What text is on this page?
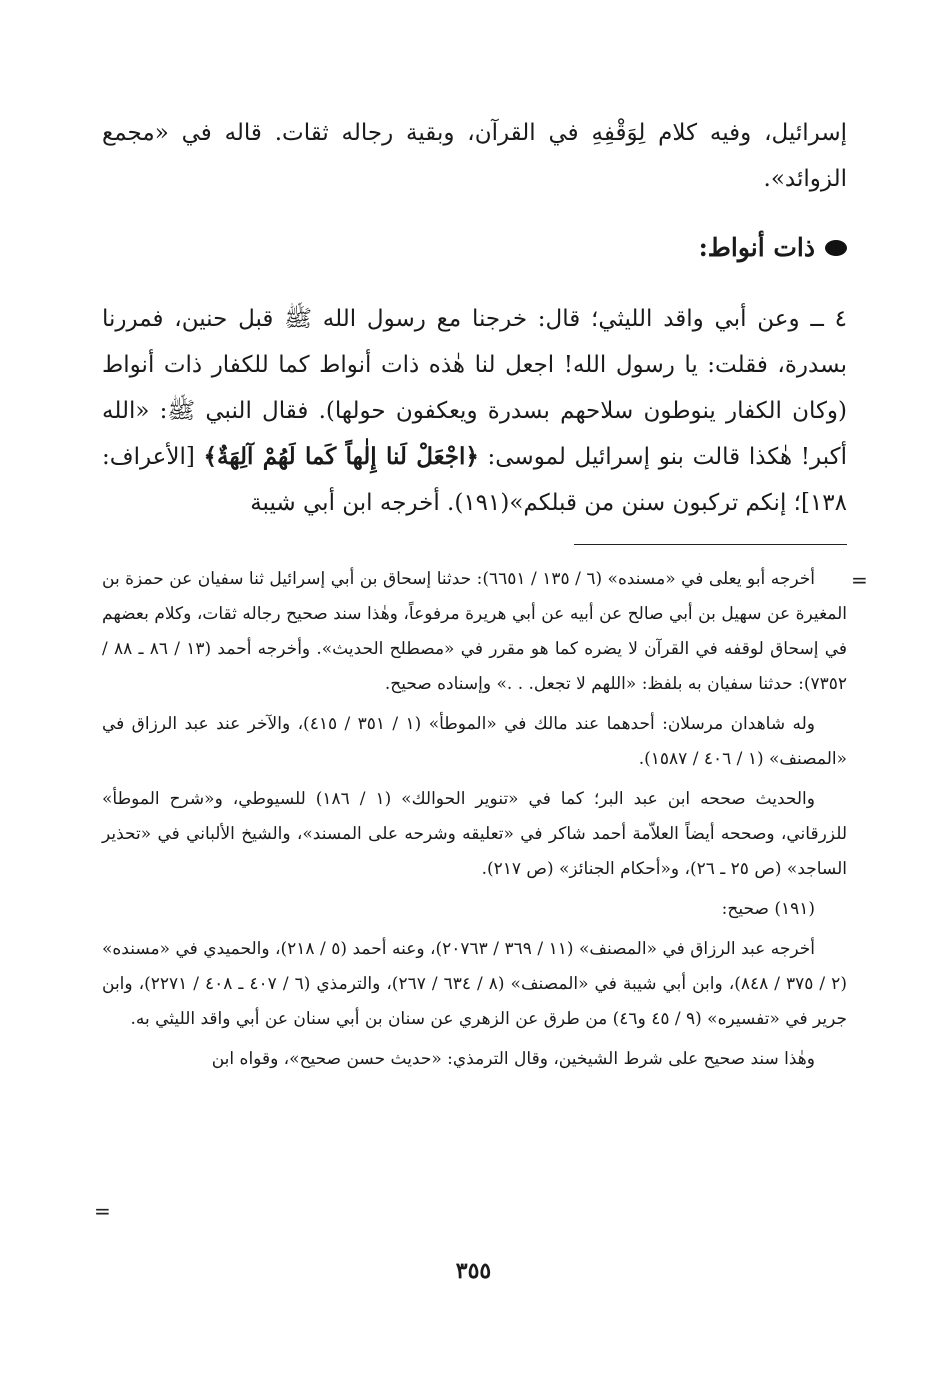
إسرائيل، وفيه كلام لِوَقْفِهِ في القرآن، وبقية رجاله ثقات. قاله في «مجمع الزوائد».

ذات أنواط:

٤ ــ وعن أبي واقد الليثي؛ قال: خرجنا مع رسول الله ﷺ قبل حنين، فمررنا بسدرة، فقلت: يا رسول الله! اجعل لنا هٰذه ذات أنواط كما للكفار ذات أنواط (وكان الكفار ينوطون سلاحهم بسدرة ويعكفون حولها). فقال النبي ﷺ: «الله أكبر! هٰكذا قالت بنو إسرائيل لموسى: ﴿اجْعَلْ لَنا إِلٰهاً كَما لَهُمْ آلِهَةٌ﴾ [الأعراف: ١٣٨]؛ إنكم تركبون سنن من قبلكم»(١٩١). أخرجه ابن أبي شيبة

=

أخرجه أبو يعلى في «مسنده» (٦ / ١٣٥ / ٦٦٥١): حدثنا إسحاق بن أبي إسرائيل ثنا سفيان عن حمزة بن المغيرة عن سهيل بن أبي صالح عن أبيه عن أبي هريرة مرفوعاً، وهٰذا سند صحيح رجاله ثقات، وكلام بعضهم في إسحاق لوقفه في القرآن لا يضره كما هو مقرر في «مصطلح الحديث». وأخرجه أحمد (١٣ / ٨٦ ـ ٨٨ / ٧٣٥٢): حدثنا سفيان به بلفظ: «اللهم لا تجعل. . .» وإسناده صحيح.

وله شاهدان مرسلان: أحدهما عند مالك في «الموطأ» (١ / ٣٥١ / ٤١٥)، والآخر عند عبد الرزاق في «المصنف» (١ / ٤٠٦ / ١٥٨٧).

والحديث صححه ابن عبد البر؛ كما في «تنوير الحوالك» (١ / ١٨٦) للسيوطي، و«شرح الموطأ» للزرقاني، وصححه أيضاً العلاّمة أحمد شاكر في «تعليقه وشرحه على المسند»، والشيخ الألباني في «تحذير الساجد» (ص ٢٥ ـ ٢٦)، و«أحكام الجنائز» (ص ٢١٧).

(١٩١) صحيح:

أخرجه عبد الرزاق في «المصنف» (١١ / ٣٦٩ / ٢٠٧٦٣)، وعنه أحمد (٥ / ٢١٨)، والحميدي في «مسنده» (٢ / ٣٧٥ / ٨٤٨)، وابن أبي شيبة في «المصنف» (٨ / ٦٣٤ / ٢٦٧)، والترمذي (٦ / ٤٠٧ ـ ٤٠٨ / ٢٢٧١)، وابن جرير في «تفسيره» (٩ / ٤٥ و٤٦) من طرق عن الزهري عن سنان بن أبي سنان عن أبي واقد الليثي به.

وهٰذا سند صحيح على شرط الشيخين، وقال الترمذي: «حديث حسن صحيح»، وقواه ابن

=
٣٥٥
